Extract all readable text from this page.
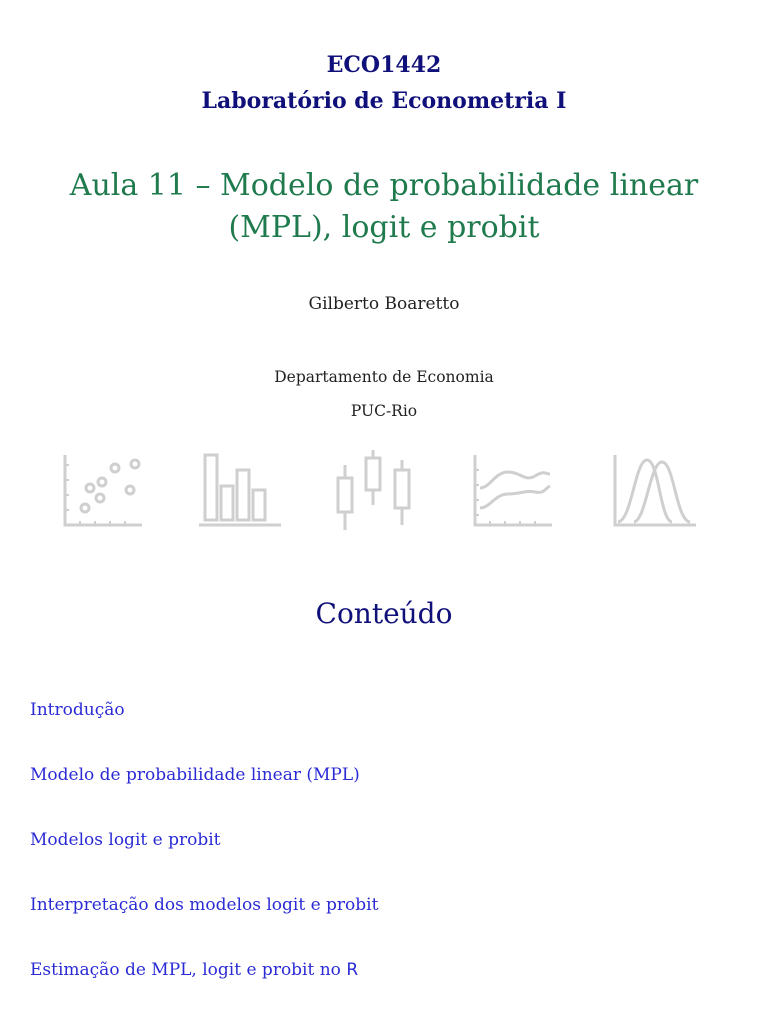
ECO1442
Laboratório de Econometria I
Aula 11 – Modelo de probabilidade linear
(MPL), logit e probit
Gilberto Boaretto
Departamento de Economia
PUC-Rio
Conteúdo
Introdução
Modelo de probabilidade linear (MPL)
Modelos logit e probit
Interpretação dos modelos logit e probit
Estimação de MPL, logit e probit no R
